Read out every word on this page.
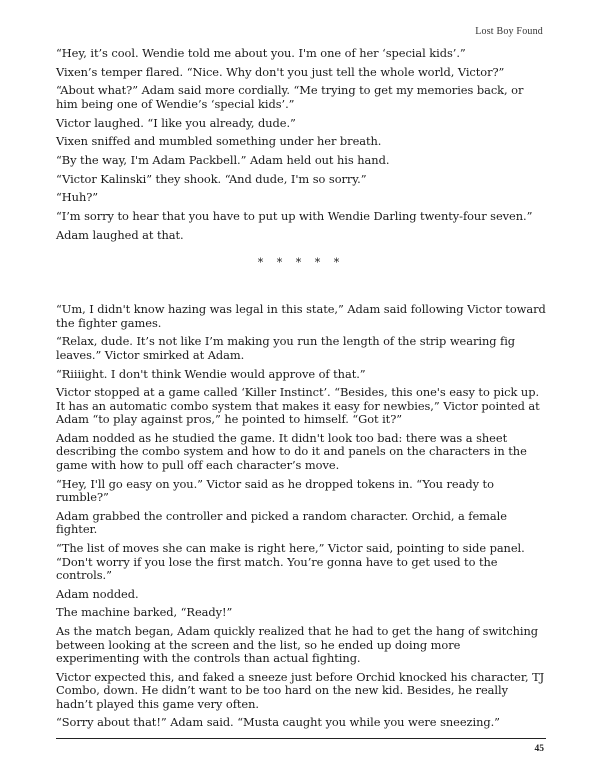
Lost Boy Found

“Hey, it’s cool. Wendie told me about you. I'm one of her ‘special kids’.”

Vixen’s temper flared. “Nice. Why don't you just tell the whole world, Victor?”

“About what?” Adam said more cordially. “Me trying to get my memories back, or him being one of Wendie’s ‘special kids’.”

Victor laughed. “I like you already, dude.”

Vixen sniffed and mumbled something under her breath.

“By the way, I'm Adam Packbell.” Adam held out his hand.

“Victor Kalinski” they shook. “And dude, I'm so sorry.”

“Huh?”

“I’m sorry to hear that you have to put up with Wendie Darling twenty-four seven.”

Adam laughed at that.

* * * * *

“Um, I didn't know hazing was legal in this state,” Adam said following Victor toward the fighter games.

“Relax, dude. It’s not like I’m making you run the length of the strip wearing fig leaves.” Victor smirked at Adam.

“Riiiight. I don't think Wendie would approve of that.”

Victor stopped at a game called ‘Killer Instinct’. “Besides, this one's easy to pick up. It has an automatic combo system that makes it easy for newbies,” Victor pointed at Adam “to play against pros,” he pointed to himself. “Got it?”

Adam nodded as he studied the game. It didn't look too bad: there was a sheet describing the combo system and how to do it and panels on the characters in the game with how to pull off each character’s move.

“Hey, I'll go easy on you.” Victor said as he dropped tokens in. “You ready to rumble?”

Adam grabbed the controller and picked a random character. Orchid, a female fighter.

“The list of moves she can make is right here,” Victor said, pointing to side panel. “Don't worry if you lose the first match. You’re gonna have to get used to the controls.”

Adam nodded.

The machine barked, “Ready!”

As the match began, Adam quickly realized that he had to get the hang of switching between looking at the screen and the list, so he ended up doing more experimenting with the controls than actual fighting.

Victor expected this, and faked a sneeze just before Orchid knocked his character, TJ Combo, down. He didn’t want to be too hard on the new kid. Besides, he really hadn’t played this game very often.

“Sorry about that!” Adam said. “Musta caught you while you were sneezing.”

45
